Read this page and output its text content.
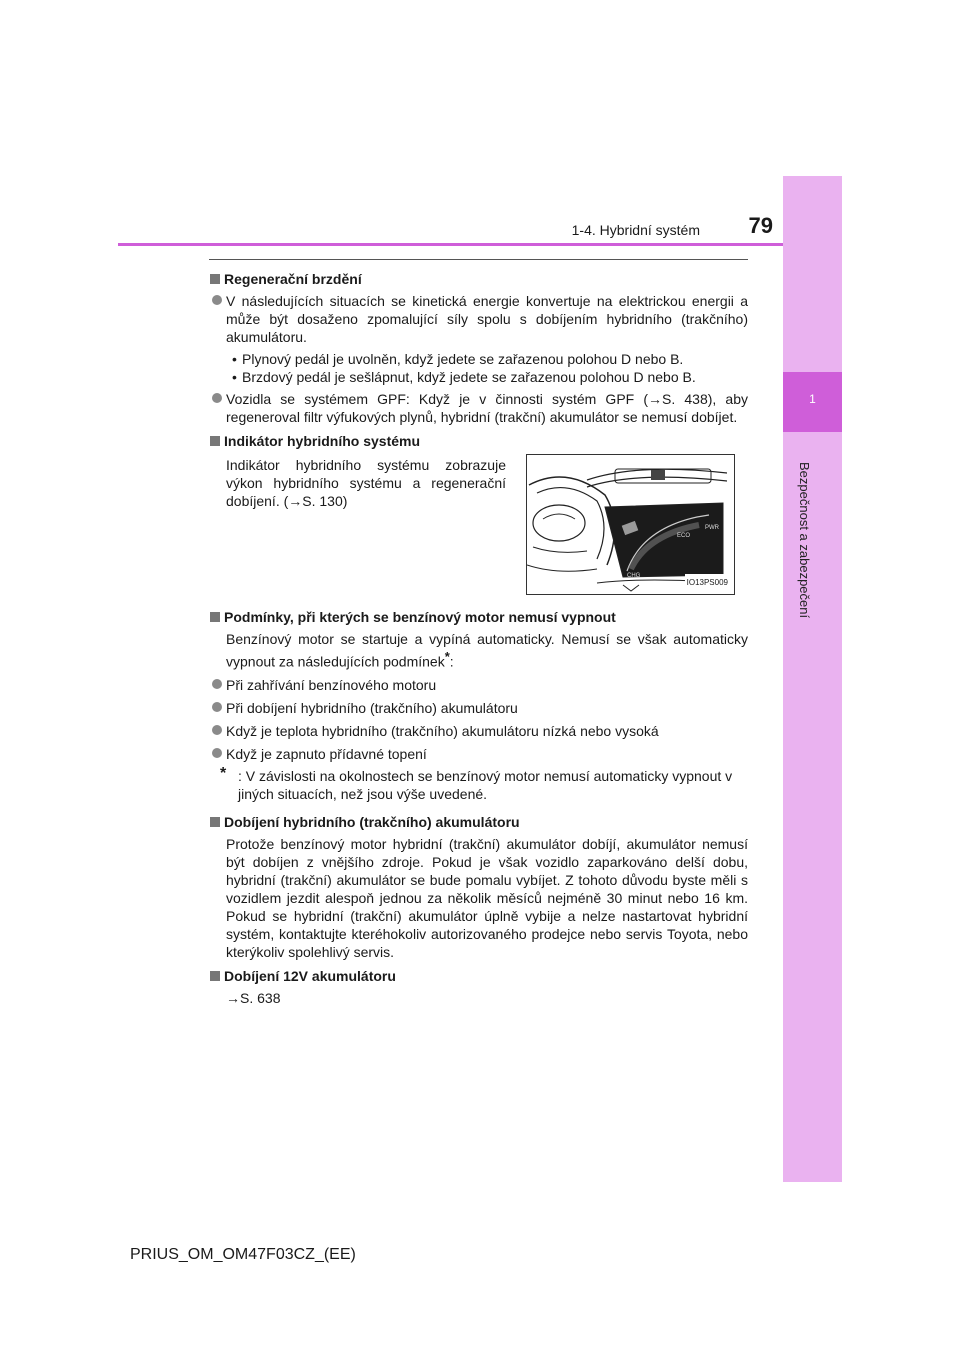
1
Bezpečnost a zabezpečení
1-4. Hybridní systém	79

Regenerační brzdění

V následujících situacích se kinetická energie konvertuje na elektrickou energii a může být dosaženo zpomalující síly spolu s dobíjením hybridního (trakčního) akumulátoru.

• Plynový pedál je uvolněn, když jedete se zařazenou polohou D nebo B.

• Brzdový pedál je sešlápnut, když jedete se zařazenou polohou D nebo B.

Vozidla se systémem GPF: Když je v činnosti systém GPF (→S. 438), aby regeneroval filtr výfukových plynů, hybridní (trakční) akumulátor se nemusí dobíjet.

Indikátor hybridního systému

Indikátor hybridního systému zobrazuje výkon hybridního systému a regenerační dobíjení. (→S. 130)

ECO
PWR
CHG
IO13PS009

Podmínky, při kterých se benzínový motor nemusí vypnout

Benzínový motor se startuje a vypíná automaticky. Nemusí se však automaticky vypnout za následujících podmínek*:

Při zahřívání benzínového motoru

Při dobíjení hybridního (trakčního) akumulátoru

Když je teplota hybridního (trakčního) akumulátoru nízká nebo vysoká

Když je zapnuto přídavné topení

* : V závislosti na okolnostech se benzínový motor nemusí automaticky vypnout v jiných situacích, než jsou výše uvedené.

Dobíjení hybridního (trakčního) akumulátoru

Protože benzínový motor hybridní (trakční) akumulátor dobíjí, akumulátor nemusí být dobíjen z vnějšího zdroje. Pokud je však vozidlo zaparkováno delší dobu, hybridní (trakční) akumulátor se bude pomalu vybíjet. Z tohoto důvodu byste měli s vozidlem jezdit alespoň jednou za několik měsíců nejméně 30 minut nebo 16 km. Pokud se hybridní (trakční) akumulátor úplně vybije a nelze nastartovat hybridní systém, kontaktujte kteréhokoliv autorizovaného prodejce nebo servis Toyota, nebo kterýkoliv spolehlivý servis.

Dobíjení 12V akumulátoru

→S. 638

PRIUS_OM_OM47F03CZ_(EE)
